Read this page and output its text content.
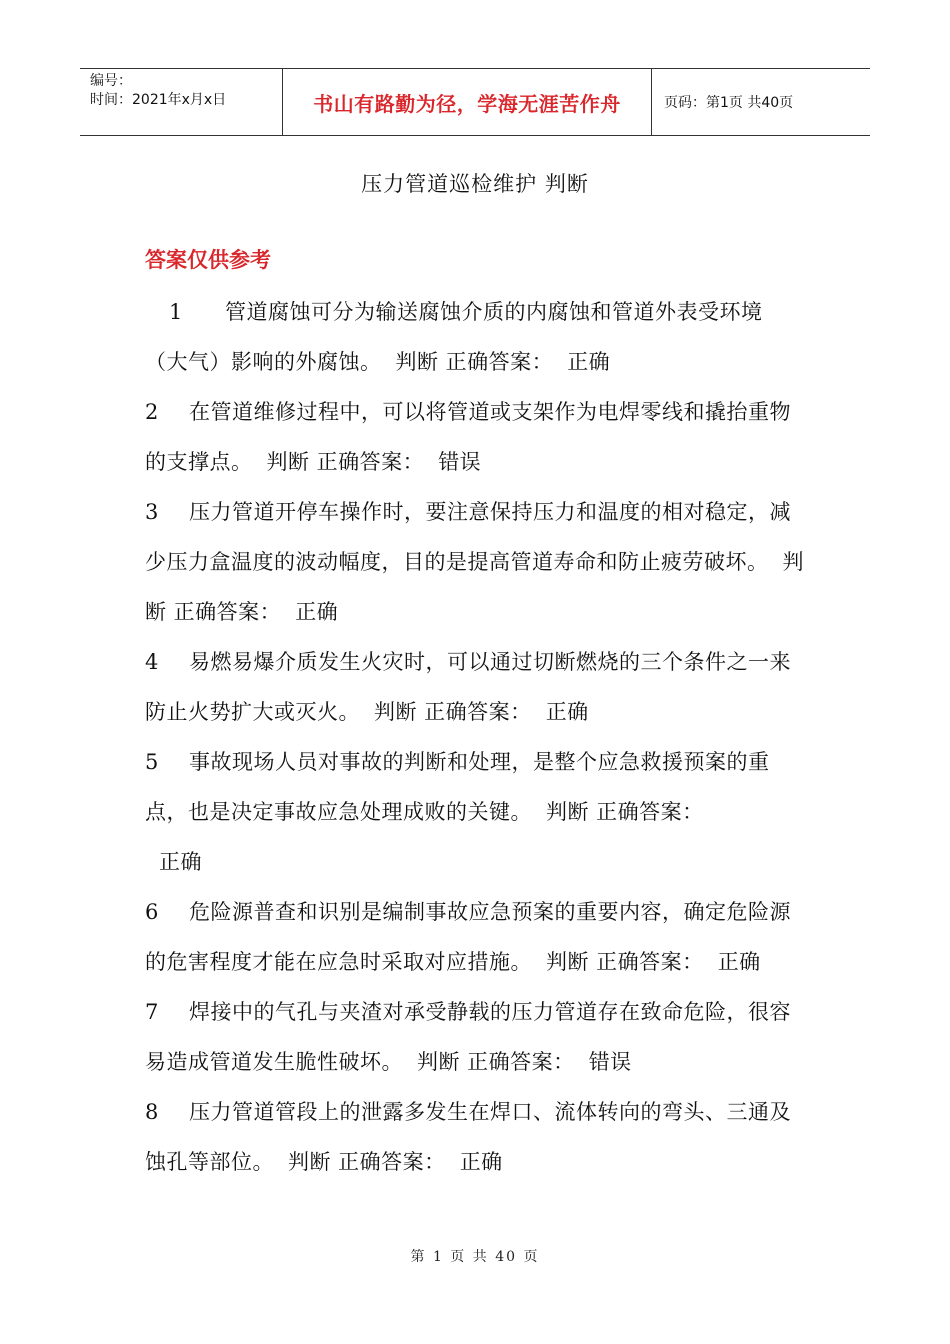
编号：
时间：2021年x月x日	书山有路勤为径，学海无涯苦作舟	页码：第1页 共40页
压力管道巡检维护 判断
答案仅供参考

1 管道腐蚀可分为输送腐蚀介质的内腐蚀和管道外表受环境（大气）影响的外腐蚀。 判断 正确答案： 正确

2 在管道维修过程中，可以将管道或支架作为电焊零线和撬抬重物的支撑点。 判断 正确答案： 错误

3 压力管道开停车操作时，要注意保持压力和温度的相对稳定，减少压力盒温度的波动幅度，目的是提高管道寿命和防止疲劳破坏。 判断 正确答案： 正确

4 易燃易爆介质发生火灾时，可以通过切断燃烧的三个条件之一来防止火势扩大或灭火。 判断 正确答案： 正确

5 事故现场人员对事故的判断和处理，是整个应急救援预案的重点，也是决定事故应急处理成败的关键。 判断 正确答案：
正确

6 危险源普查和识别是编制事故应急预案的重要内容，确定危险源的危害程度才能在应急时采取对应措施。 判断 正确答案： 正确

7 焊接中的气孔与夹渣对承受静载的压力管道存在致命危险，很容易造成管道发生脆性破坏。 判断 正确答案： 错误

8 压力管道管段上的泄露多发生在焊口、流体转向的弯头、三通及蚀孔等部位。 判断 正确答案： 正确

第 1 页 共 40 页
